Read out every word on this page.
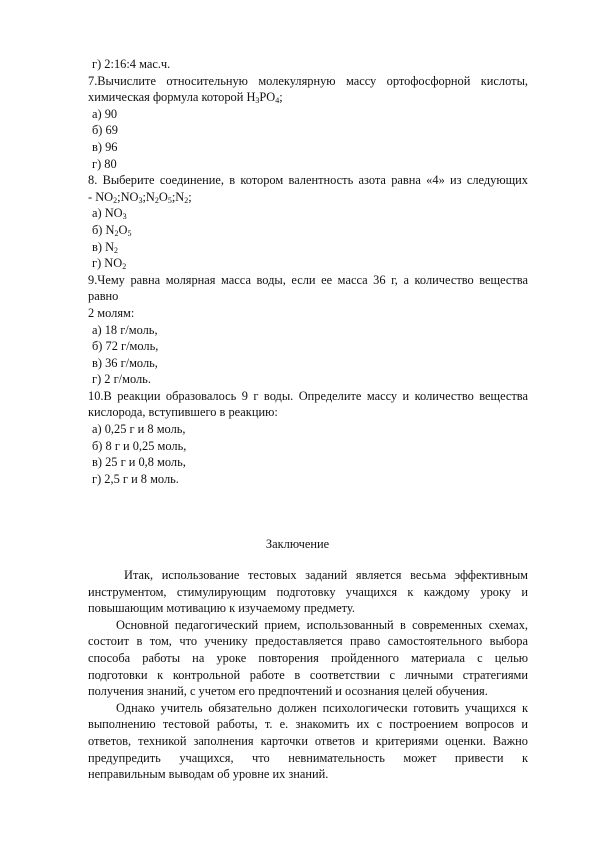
г) 2:16:4 мас.ч.

7.Вычислите относительную молекулярную массу ортофосфорной кислоты,

химическая формула которой $H_3PO_4$;

а) 90

б) 69

в) 96

г) 80

8. Выберите соединение, в котором валентность азота равна «4» из следующих

- $NO_2;NO_3;N_2O_5;N_2$;

а) $NO_3$

б) $N_2O_5$

в) $N_2$

г) $NO_2$

9.Чему равна молярная масса воды, если ее масса 36 г, а количество вещества равно

2 молям:

а) 18 г/моль,

б) 72 г/моль,

в) 36 г/моль,

г) 2 г/моль.

10.В реакции образовалось 9 г воды. Определите массу и количество вещества

кислорода, вступившего в реакцию:

а) 0,25 г и 8 моль,

б) 8 г и 0,25 моль,

в) 25 г и 0,8 моль,

г) 2,5 г и 8 моль.

Заключение

Итак, использование тестовых заданий является весьма эффективным

инструментом, стимулирующим подготовку учащихся к каждому уроку и

повышающим мотивацию к изучаемому предмету.

Основной педагогический прием, использованный в современных схемах,

состоит в том, что ученику предоставляется право самостоятельного выбора

способа работы на уроке повторения пройденного материала с целью

подготовки к контрольной работе в соответствии с личными стратегиями

получения знаний, с учетом его предпочтений и осознания целей обучения.

Однако учитель обязательно должен психологически готовить учащихся к

выполнению тестовой работы, т. е. знакомить их с построением вопросов и

ответов, техникой заполнения карточки ответов и критериями оценки. Важно

предупредить учащихся, что невнимательность может привести к

неправильным выводам об уровне их знаний.
